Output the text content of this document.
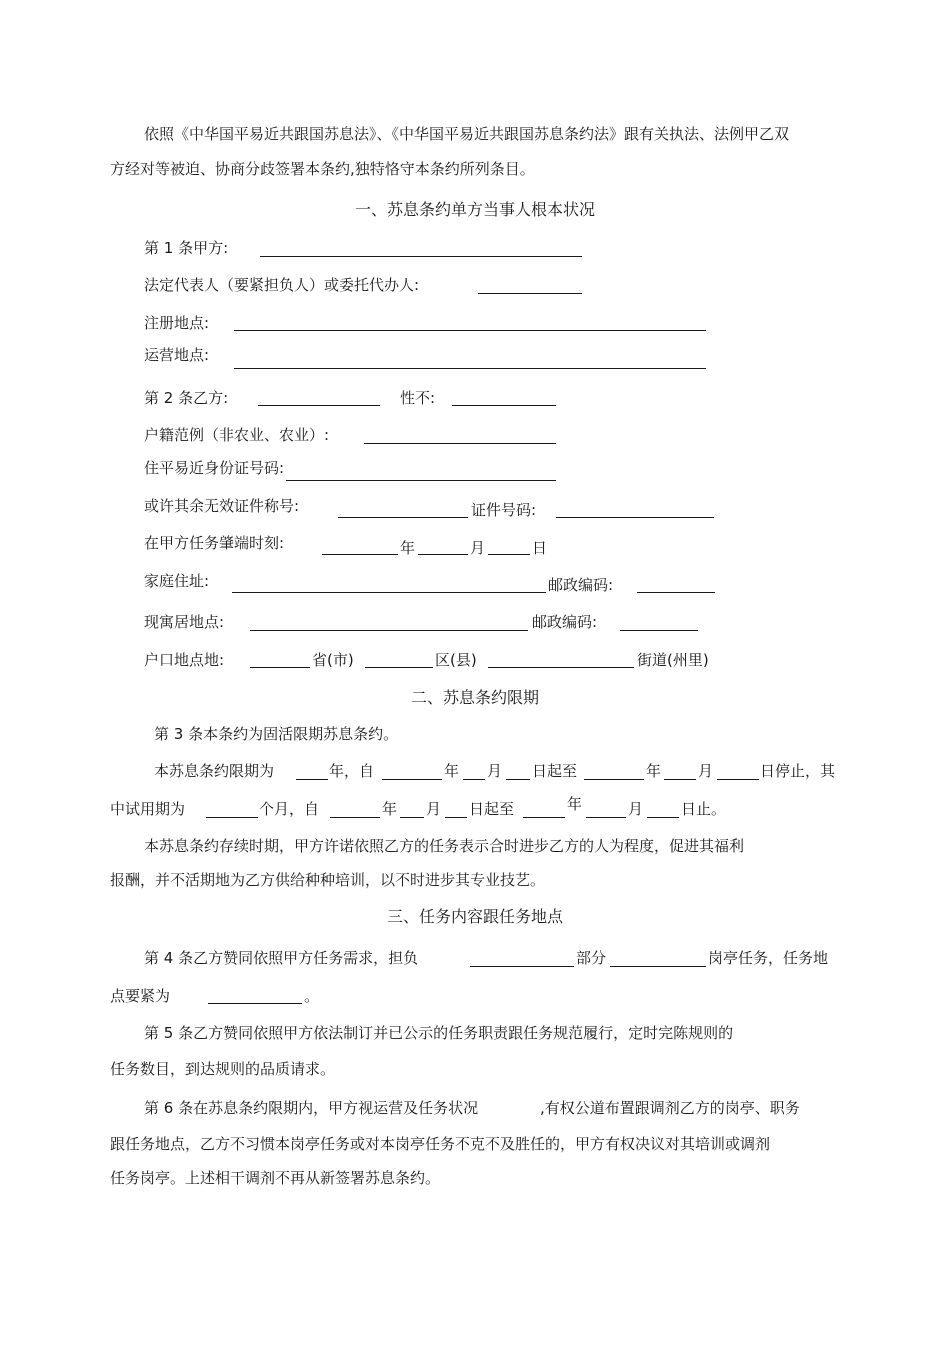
依照《中华国平易近共跟国苏息法》、《中华国平易近共跟国苏息条约法》跟有关执法、法例甲乙双
方经对等被迫、协商分歧签署本条约,独特恪守本条约所列条目。
一、苏息条约单方当事人根本状况
第 1 条甲方:
法定代表人（要紧担负人）或委托代办人:
注册地点:
运营地点:
第 2 条乙方:	性不:
户籍范例（非农业、农业）:
住平易近身份证号码:
或许其余无效证件称号:	证件号码:
在甲方任务肇端时刻:	年	月	日
家庭住址:	邮政编码:
现寓居地点:	邮政编码:
户口地点地:	省(市)	区(县)	街道(州里)
二、苏息条约限期
第 3 条本条约为固活限期苏息条约。
本苏息条约限期为	年，自	年 月 日起至	年 月	日停止，其
中试用期为	个月，自	年 月 日起至	年	月	日止。
本苏息条约存续时期，甲方许诺依照乙方的任务表示合时进步乙方的人为程度，促进其福利
报酬，并不活期地为乙方供给种种培训，以不时进步其专业技艺。
三、任务内容跟任务地点
第 4 条乙方赞同依照甲方任务需求，担负	部分	岗亭任务，任务地
点要紧为	。
第 5 条乙方赞同依照甲方依法制订并已公示的任务职责跟任务规范履行，定时完陈规则的
任务数目，到达规则的品质请求。
第 6 条在苏息条约限期内，甲方视运营及任务状况	,有权公道布置跟调剂乙方的岗亭、职务
跟任务地点，乙方不习惯本岗亭任务或对本岗亭任务不克不及胜任的，甲方有权决议对其培训或调剂
任务岗亭。上述相干调剂不再从新签署苏息条约。
